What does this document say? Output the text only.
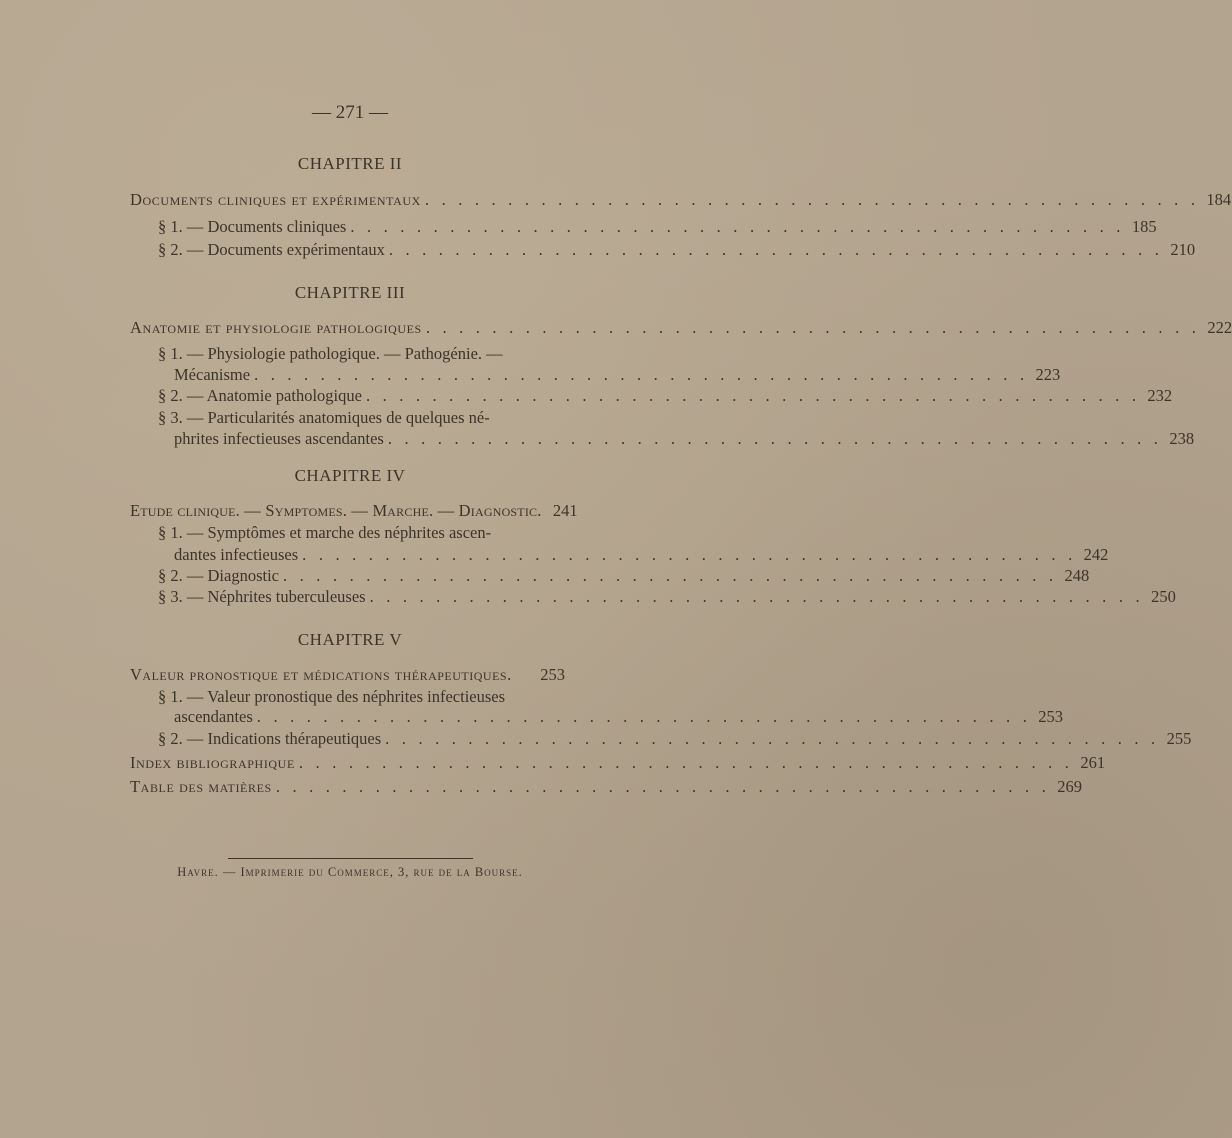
— 271 —
CHAPITRE II
Documents cliniques et expérimentaux . . . . . . . . . . . . . . . . . . . . . . . . . . . . . . . . . . . . . . . . . . . . . . . 184
§ 1. — Documents cliniques . . . . . . . . . . . . . . . . . . . . . . . . . . . . . . . . . . . . . . . . . . . . . . . 185
§ 2. — Documents expérimentaux . . . . . . . . . . . . . . . . . . . . . . . . . . . . . . . . . . . . . . . . . . . . . . . 210
CHAPITRE III
Anatomie et physiologie pathologiques . . . . . . . . . . . . . . . . . . . . . . . . . . . . . . . . . . . . . . . . . . . . . . . 222
§ 1. — Physiologie pathologique. — Pathogénie. —
Mécanisme . . . . . . . . . . . . . . . . . . . . . . . . . . . . . . . . . . . . . . . . . . . . . . . 223
§ 2. — Anatomie pathologique . . . . . . . . . . . . . . . . . . . . . . . . . . . . . . . . . . . . . . . . . . . . . . . 232
§ 3. — Particularités anatomiques de quelques né-
phrites infectieuses ascendantes . . . . . . . . . . . . . . . . . . . . . . . . . . . . . . . . . . . . . . . . . . . . . . . 238
CHAPITRE IV
Etude clinique. — Symptomes. — Marche. — Diagnostic. 241
§ 1. — Symptômes et marche des néphrites ascen-
dantes infectieuses . . . . . . . . . . . . . . . . . . . . . . . . . . . . . . . . . . . . . . . . . . . . . . . 242
§ 2. — Diagnostic . . . . . . . . . . . . . . . . . . . . . . . . . . . . . . . . . . . . . . . . . . . . . . . 248
§ 3. — Néphrites tuberculeuses . . . . . . . . . . . . . . . . . . . . . . . . . . . . . . . . . . . . . . . . . . . . . . . 250
CHAPITRE V
Valeur pronostique et médications thérapeutiques. 253
§ 1. — Valeur pronostique des néphrites infectieuses
ascendantes . . . . . . . . . . . . . . . . . . . . . . . . . . . . . . . . . . . . . . . . . . . . . . . 253
§ 2. — Indications thérapeutiques . . . . . . . . . . . . . . . . . . . . . . . . . . . . . . . . . . . . . . . . . . . . . . . 255
Index bibliographique . . . . . . . . . . . . . . . . . . . . . . . . . . . . . . . . . . . . . . . . . . . . . . . 261
Table des matières . . . . . . . . . . . . . . . . . . . . . . . . . . . . . . . . . . . . . . . . . . . . . . . 269
Havre. — Imprimerie du Commerce, 3, rue de la Bourse.
